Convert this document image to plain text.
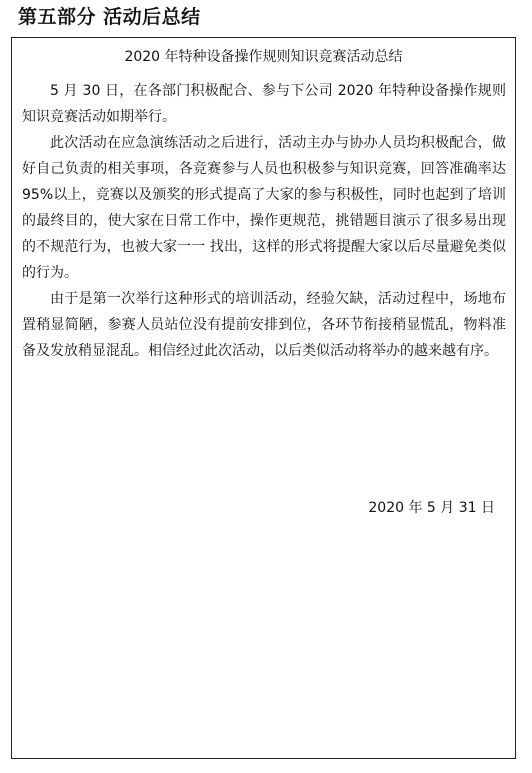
第五部分 活动后总结
2020 年特种设备操作规则知识竞赛活动总结

5 月 30 日，在各部门积极配合、参与下公司 2020 年特种设备操作规则知识竞赛活动如期举行。

此次活动在应急演练活动之后进行，活动主办与协办人员均积极配合，做好自己负责的相关事项，各竞赛参与人员也积极参与知识竞赛，回答准确率达 95%以上，竞赛以及颁奖的形式提高了大家的参与积极性，同时也起到了培训的最终目的，使大家在日常工作中，操作更规范，挑错题目演示了很多易出现的不规范行为，也被大家一一 找出，这样的形式将提醒大家以后尽量避免类似的行为。

由于是第一次举行这种形式的培训活动，经验欠缺，活动过程中，场地布置稍显简陋，参赛人员站位没有提前安排到位，各环节衔接稍显慌乱，物料准备及发放稍显混乱。相信经过此次活动，以后类似活动将举办的越来越有序。

2020 年 5 月 31 日
